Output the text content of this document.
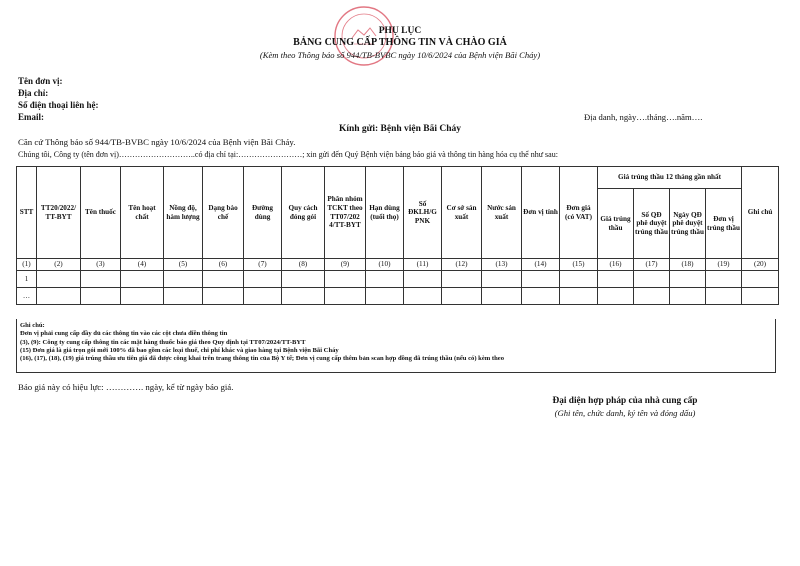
PHỤ LỤC
BẢNG CUNG CẤP THÔNG TIN VÀ CHÀO GIÁ
(Kèm theo Thông báo số 944/TB-BVBC ngày 10/6/2024 của Bệnh viện Bãi Cháy)
Tên đơn vị:
Địa chỉ:
Số điện thoại liên hệ:
Email:	Địa danh, ngày….tháng….năm….
Kính gửi: Bệnh viện Bãi Cháy
Căn cứ Thông báo số 944/TB-BVBC ngày 10/6/2024 của Bệnh viện Bãi Cháy.
Chúng tôi, Công ty (tên đơn vị)………………………..có địa chỉ tại:……………………; xin gửi đến Quý Bệnh viện bảng báo giá và thông tin hàng hóa cụ thể như sau:
STT	TT20/2022/ TT-BYT	Tên thuốc	Tên hoạt chất	Nồng độ, hàm lượng	Dạng bào chế	Đường dùng	Quy cách đóng gói	Phân nhóm TCKT theo TT07/202 4/TT-BYT	Hạn dùng (tuổi thọ)	Số ĐKLH/G PNK	Cơ sở sản xuất	Nước sản xuất	Đơn vị tính	Đơn giá (có VAT)	Giá trúng thầu 12 tháng gần nhất				Ghi chú
															Giá trúng thầu	Số QĐ phê duyệt trúng thầu	Ngày QĐ phê duyệt trúng thầu	Đơn vị trúng thầu	
(1)	(2)	(3)	(4)	(5)	(6)	(7)	(8)	(9)	(10)	(11)	(12)	(13)	(14)	(15)	(16)	(17)	(18)	(19)	(20)
1																			
…																			
Ghi chú:
Đơn vị phải cung cấp đầy đủ các thông tin vào các cột chưa điền thông tin
(3), (9): Công ty cung cấp thông tin các mặt hàng thuốc báo giá theo Quy định tại TT07/2024/TT-BYT
(15) Đơn giá là giá trọn gói mới 100% đã bao gồm các loại thuế, chi phí khác và giao hàng tại Bệnh viện Bãi Cháy
(16), (17), (18), (19) giá trúng thầu ưu tiên giá đã được công khai trên trang thông tin của Bộ Y tế; Đơn vị cung cấp thêm bản scan hợp đồng đã trúng thầu (nếu có) kèm theo
Báo giá này có hiệu lực: …………. ngày, kể từ ngày báo giá.
Đại diện hợp pháp của nhà cung cấp
(Ghi tên, chức danh, ký tên và đóng dấu)
